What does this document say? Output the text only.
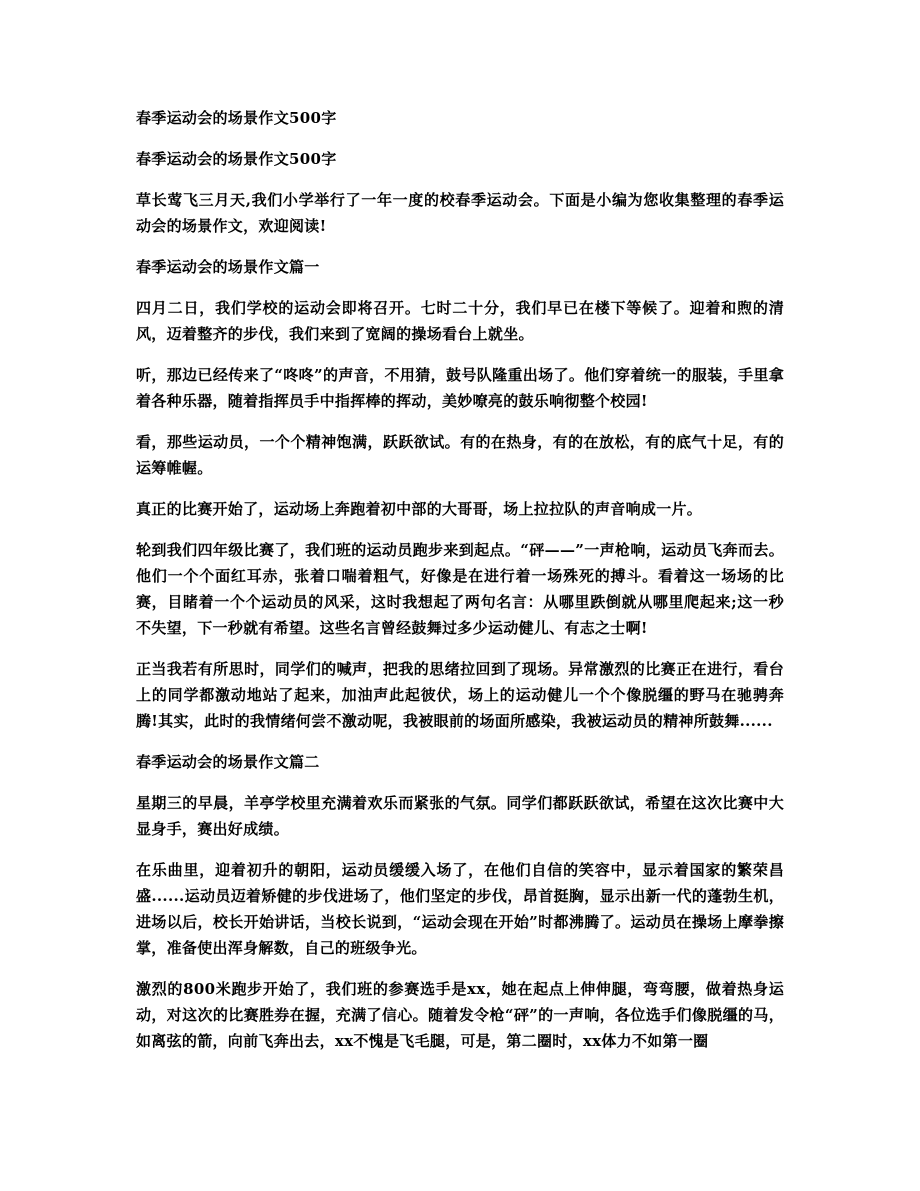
春季运动会的场景作文500字

春季运动会的场景作文500字

草长莺飞三月天,我们小学举行了一年一度的校春季运动会。下面是小编为您收集整理的春季运动会的场景作文，欢迎阅读!

春季运动会的场景作文篇一

四月二日，我们学校的运动会即将召开。七时二十分，我们早已在楼下等候了。迎着和煦的清风，迈着整齐的步伐，我们来到了宽阔的操场看台上就坐。

听，那边已经传来了“咚咚”的声音，不用猜，鼓号队隆重出场了。他们穿着统一的服装，手里拿着各种乐器，随着指挥员手中指挥棒的挥动，美妙嘹亮的鼓乐响彻整个校园!

看，那些运动员，一个个精神饱满，跃跃欲试。有的在热身，有的在放松，有的底气十足，有的运筹帷幄。

真正的比赛开始了，运动场上奔跑着初中部的大哥哥，场上拉拉队的声音响成一片。

轮到我们四年级比赛了，我们班的运动员跑步来到起点。“砰——”一声枪响，运动员飞奔而去。他们一个个面红耳赤，张着口喘着粗气，好像是在进行着一场殊死的搏斗。看着这一场场的比赛，目睹着一个个运动员的风采，这时我想起了两句名言：从哪里跌倒就从哪里爬起来;这一秒不失望，下一秒就有希望。这些名言曾经鼓舞过多少运动健儿、有志之士啊!

正当我若有所思时，同学们的喊声，把我的思绪拉回到了现场。异常激烈的比赛正在进行，看台上的同学都激动地站了起来，加油声此起彼伏，场上的运动健儿一个个像脱缰的野马在驰骋奔腾!其实，此时的我情绪何尝不激动呢，我被眼前的场面所感染，我被运动员的精神所鼓舞......

春季运动会的场景作文篇二

星期三的早晨，羊亭学校里充满着欢乐而紧张的气氛。同学们都跃跃欲试，希望在这次比赛中大显身手，赛出好成绩。

在乐曲里，迎着初升的朝阳，运动员缓缓入场了，在他们自信的笑容中，显示着国家的繁荣昌盛......运动员迈着矫健的步伐进场了，他们坚定的步伐，昂首挺胸，显示出新一代的蓬勃生机，进场以后，校长开始讲话，当校长说到，“运动会现在开始”时都沸腾了。运动员在操场上摩拳擦掌，准备使出浑身解数，自己的班级争光。

激烈的800米跑步开始了，我们班的参赛选手是xx，她在起点上伸伸腿，弯弯腰，做着热身运动，对这次的比赛胜券在握，充满了信心。随着发令枪“砰”的一声响，各位选手们像脱缰的马，如离弦的箭，向前飞奔出去，xx不愧是飞毛腿，可是，第二圈时，xx体力不如第一圈
